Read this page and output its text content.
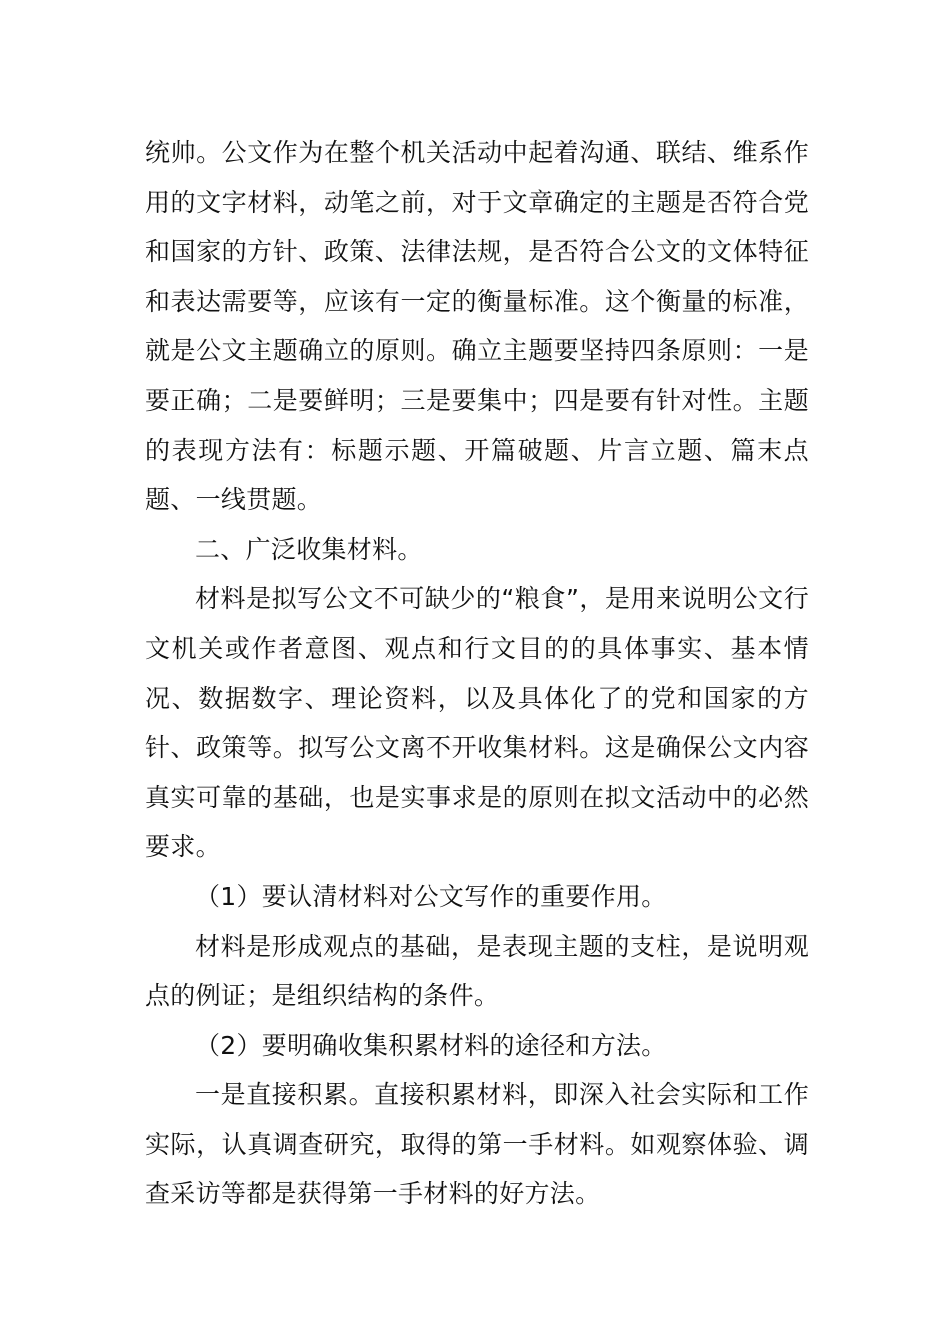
统帅。公文作为在整个机关活动中起着沟通、联结、维系作用的文字材料，动笔之前，对于文章确定的主题是否符合党和国家的方针、政策、法律法规，是否符合公文的文体特征和表达需要等，应该有一定的衡量标准。这个衡量的标准，就是公文主题确立的原则。确立主题要坚持四条原则：一是要正确；二是要鲜明；三是要集中；四是要有针对性。主题的表现方法有：标题示题、开篇破题、片言立题、篇末点题、一线贯题。

二、广泛收集材料。

材料是拟写公文不可缺少的“粮食”，是用来说明公文行文机关或作者意图、观点和行文目的的具体事实、基本情况、数据数字、理论资料，以及具体化了的党和国家的方针、政策等。拟写公文离不开收集材料。这是确保公文内容真实可靠的基础，也是实事求是的原则在拟文活动中的必然要求。

（1）要认清材料对公文写作的重要作用。

材料是形成观点的基础，是表现主题的支柱，是说明观点的例证；是组织结构的条件。

（2）要明确收集积累材料的途径和方法。

一是直接积累。直接积累材料，即深入社会实际和工作实际，认真调查研究，取得的第一手材料。如观察体验、调查采访等都是获得第一手材料的好方法。
